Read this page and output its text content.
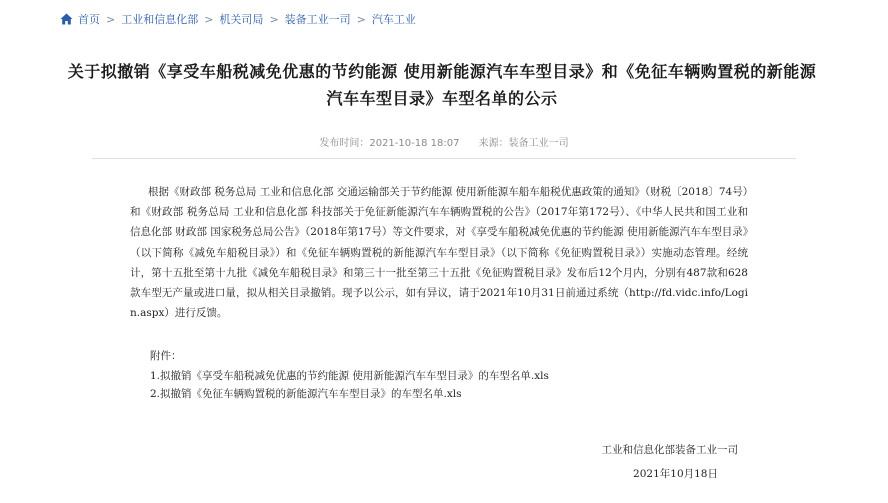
首页 > 工业和信息化部 > 机关司局 > 装备工业一司 > 汽车工业
关于拟撤销《享受车船税减免优惠的节约能源 使用新能源汽车车型目录》和《免征车辆购置税的新能源汽车车型目录》车型名单的公示
发布时间：2021-10-18 18:07 来源：装备工业一司

根据《财政部 税务总局 工业和信息化部 交通运输部关于节约能源 使用新能源车船车船税优惠政策的通知》（财税〔2018〕74号）和《财政部 税务总局 工业和信息化部 科技部关于免征新能源汽车车辆购置税的公告》（2017年第172号）、《中华人民共和国工业和信息化部 财政部 国家税务总局公告》（2018年第17号）等文件要求，对《享受车船税减免优惠的节约能源 使用新能源汽车车型目录》（以下简称《减免车船税目录》）和《免征车辆购置税的新能源汽车车型目录》（以下简称《免征购置税目录》）实施动态管理。经统计，第十五批至第十九批《减免车船税目录》和第三十一批至第三十五批《免征购置税目录》发布后12个月内，分别有487款和628款车型无产量或进口量，拟从相关目录撤销。现予以公示，如有异议，请于2021年10月31日前通过系统（http://fd.vidc.info/Login.aspx）进行反馈。

附件：
1.拟撤销《享受车船税减免优惠的节约能源 使用新能源汽车车型目录》的车型名单.xls
2.拟撤销《免征车辆购置税的新能源汽车车型目录》的车型名单.xls
工业和信息化部装备工业一司
2021年10月18日
